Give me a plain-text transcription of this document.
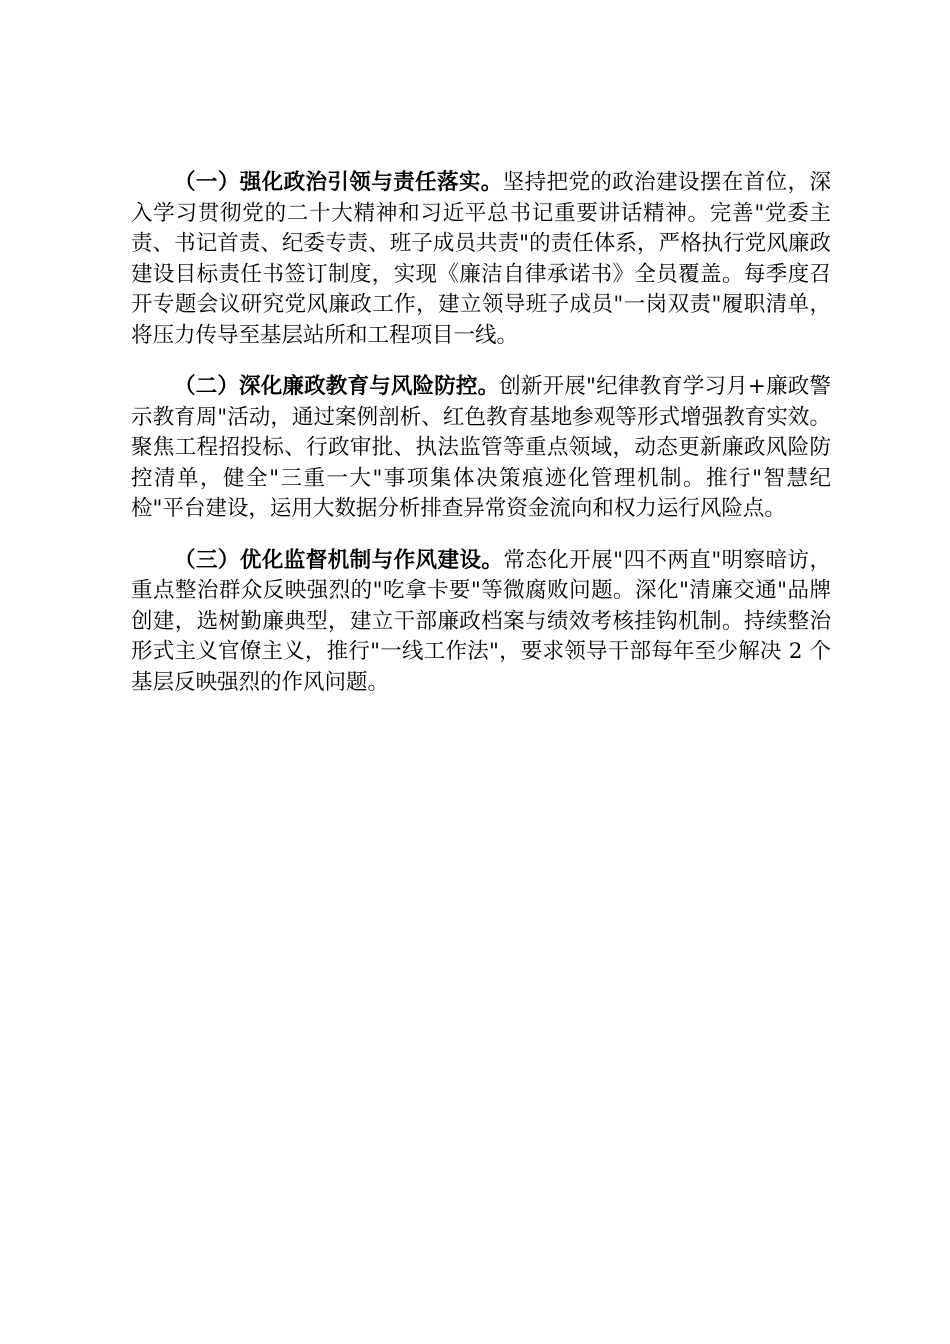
（一）强化政治引领与责任落实。坚持把党的政治建设摆在首位，深入学习贯彻党的二十大精神和习近平总书记重要讲话精神。完善"党委主责、书记首责、纪委专责、班子成员共责"的责任体系，严格执行党风廉政建设目标责任书签订制度，实现《廉洁自律承诺书》全员覆盖。每季度召开专题会议研究党风廉政工作，建立领导班子成员"一岗双责"履职清单，将压力传导至基层站所和工程项目一线。

（二）深化廉政教育与风险防控。创新开展"纪律教育学习月+廉政警示教育周"活动，通过案例剖析、红色教育基地参观等形式增强教育实效。聚焦工程招投标、行政审批、执法监管等重点领域，动态更新廉政风险防控清单，健全"三重一大"事项集体决策痕迹化管理机制。推行"智慧纪检"平台建设，运用大数据分析排查异常资金流向和权力运行风险点。

（三）优化监督机制与作风建设。常态化开展"四不两直"明察暗访，重点整治群众反映强烈的"吃拿卡要"等微腐败问题。深化"清廉交通"品牌创建，选树勤廉典型，建立干部廉政档案与绩效考核挂钩机制。持续整治形式主义官僚主义，推行"一线工作法"，要求领导干部每年至少解决 2 个基层反映强烈的作风问题。
